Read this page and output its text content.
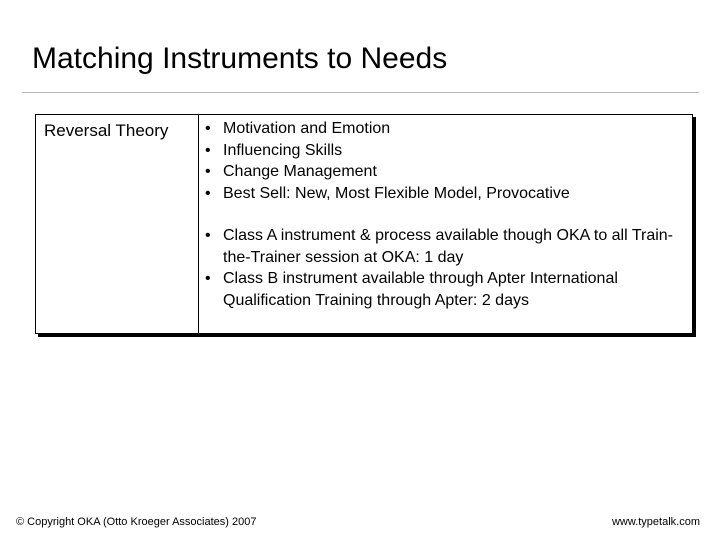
Matching Instruments to Needs
Reversal Theory
•	Motivation and Emotion
• Influencing Skills
• Change Management
• Best Sell: New, Most Flexible Model, Provocative
• Class A instrument & process available though OKA to all Train-the-Trainer session at OKA: 1 day
• Class B instrument available through Apter International Qualification Training through Apter: 2 days
© Copyright OKA (Otto Kroeger Associates) 2007	www.typetalk.com
